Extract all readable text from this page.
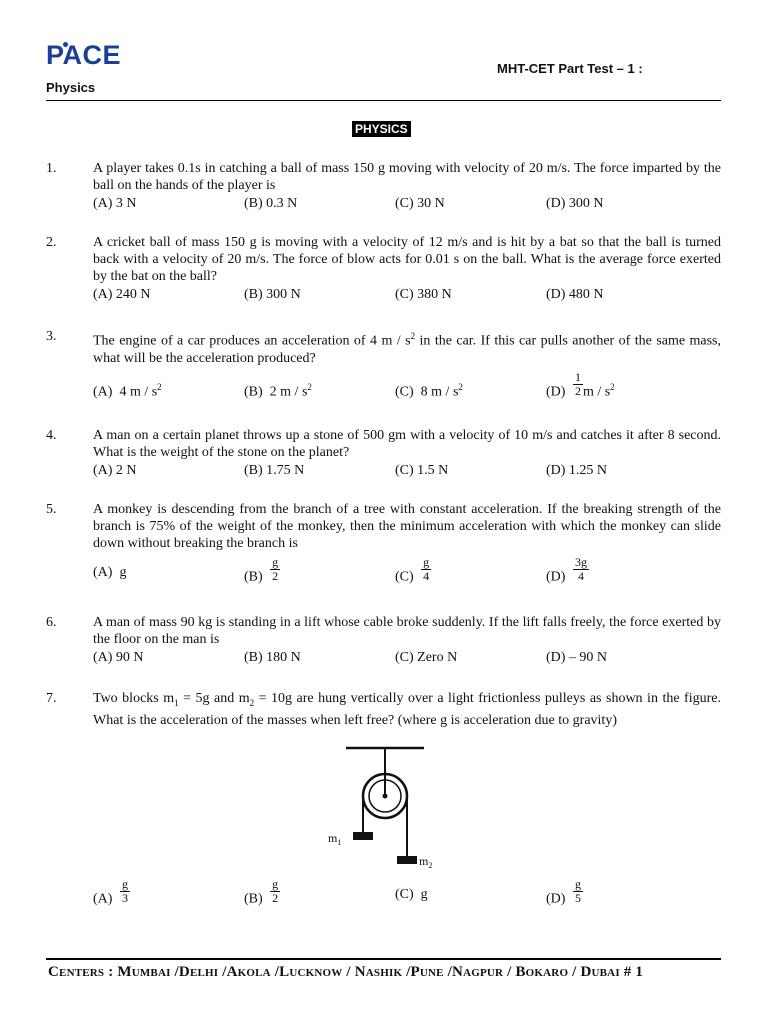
PACE
Physics
MHT-CET Part Test – 1 :
PHYSICS
1.	A player takes 0.1s in catching a ball of mass 150 g moving with velocity of 20 m/s. The force imparted by the ball on the hands of the player is
(A) 3 N	(B) 0.3 N	(C) 30 N	(D) 300 N
2.	A cricket ball of mass 150 g is moving with a velocity of 12 m/s and is hit by a bat so that the ball is turned back with a velocity of 20 m/s. The force of blow acts for 0.01 s on the ball. What is the average force exerted by the bat on the ball?
(A) 240 N	(B) 300 N	(C) 380 N	(D) 480 N
3.	The engine of a car produces an acceleration of 4 m / $s^2$ in the car. If this car pulls another of the same mass, what will be the acceleration produced?
(A) 4 m / $s^2$	(B) 2 m / $s^2$	(C) 8 m / $s^2$	$(D) \frac{1}{2}$ m / $s^2$
4.	A man on a certain planet throws up a stone of 500 gm with a velocity of 10 m/s and catches it after 8 second. What is the weight of the stone on the planet?
(A) 2 N	(B) 1.75 N	(C) 1.5 N	(D) 1.25 N
5.	A monkey is descending from the branch of a tree with constant acceleration. If the breaking strength of the branch is 75% of the weight of the monkey, then the minimum acceleration with which the monkey can slide down without breaking the branch is
(A) g	$(B) \frac{g}{2}$	$(C) \frac{g}{4}$	$(D) \frac{3g}{4}$
6.	A man of mass 90 kg is standing in a lift whose cable broke suddenly. If the lift falls freely, the force exerted by the floor on the man is
(A) 90 N	(B) 180 N	(C) Zero N	(D) – 90 N
7.	Two blocks $m_1 = 5g$ and $m_2 = 10g$ are hung vertically over a light frictionless pulleys as shown in the figure. What is the acceleration of the masses when left free? (where g is acceleration due to gravity)
$m_1$
$m_2$
$(A) \frac{g}{3}$	$(B) \frac{g}{2}$	(C) g	$(D) \frac{g}{5}$
Centers : Mumbai /Delhi /Akola /Lucknow / Nashik /Pune /Nagpur / Bokaro / Dubai # 1
